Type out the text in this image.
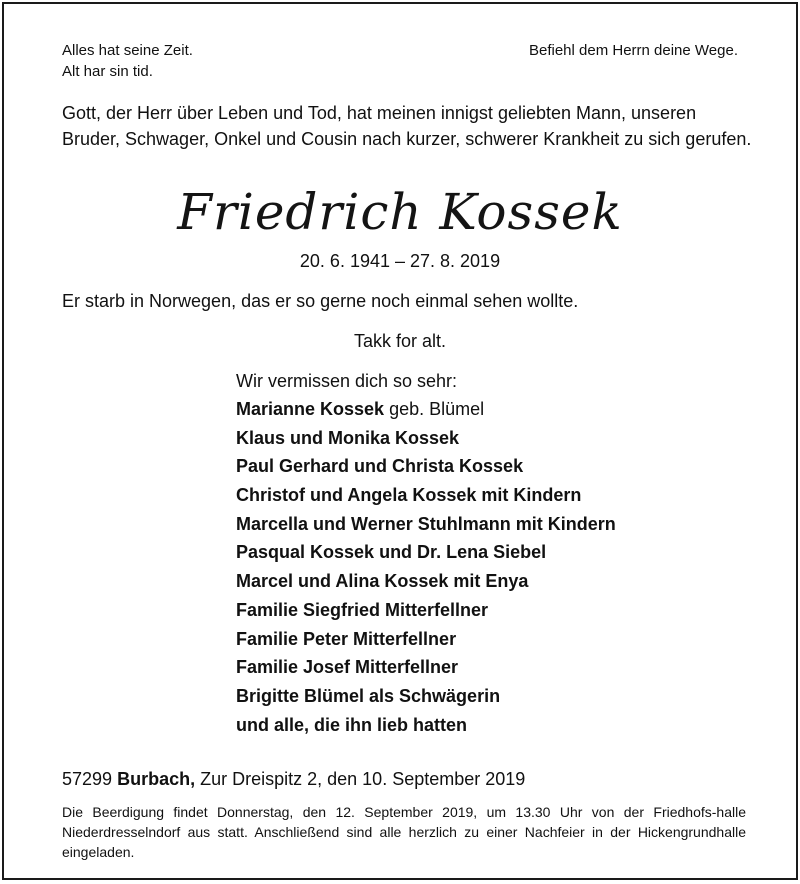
Alles hat seine Zeit.
Alt har sin tid.
Befiehl dem Herrn deine Wege.
Gott, der Herr über Leben und Tod, hat meinen innigst geliebten Mann, unseren Bruder, Schwager, Onkel und Cousin nach kurzer, schwerer Krankheit zu sich gerufen.
Friedrich Kossek
20. 6. 1941 – 27. 8. 2019
Er starb in Norwegen, das er so gerne noch einmal sehen wollte.
Takk for alt.
Wir vermissen dich so sehr:
Marianne Kossek geb. Blümel
Klaus und Monika Kossek
Paul Gerhard und Christa Kossek
Christof und Angela Kossek mit Kindern
Marcella und Werner Stuhlmann mit Kindern
Pasqual Kossek und Dr. Lena Siebel
Marcel und Alina Kossek mit Enya
Familie Siegfried Mitterfellner
Familie Peter Mitterfellner
Familie Josef Mitterfellner
Brigitte Blümel als Schwägerin
und alle, die ihn lieb hatten
57299 Burbach, Zur Dreispitz 2, den 10. September 2019
Die Beerdigung findet Donnerstag, den 12. September 2019, um 13.30 Uhr von der Friedhofs-halle Niederdresselndorf aus statt. Anschließend sind alle herzlich zu einer Nachfeier in der Hickengrundhalle eingeladen.
